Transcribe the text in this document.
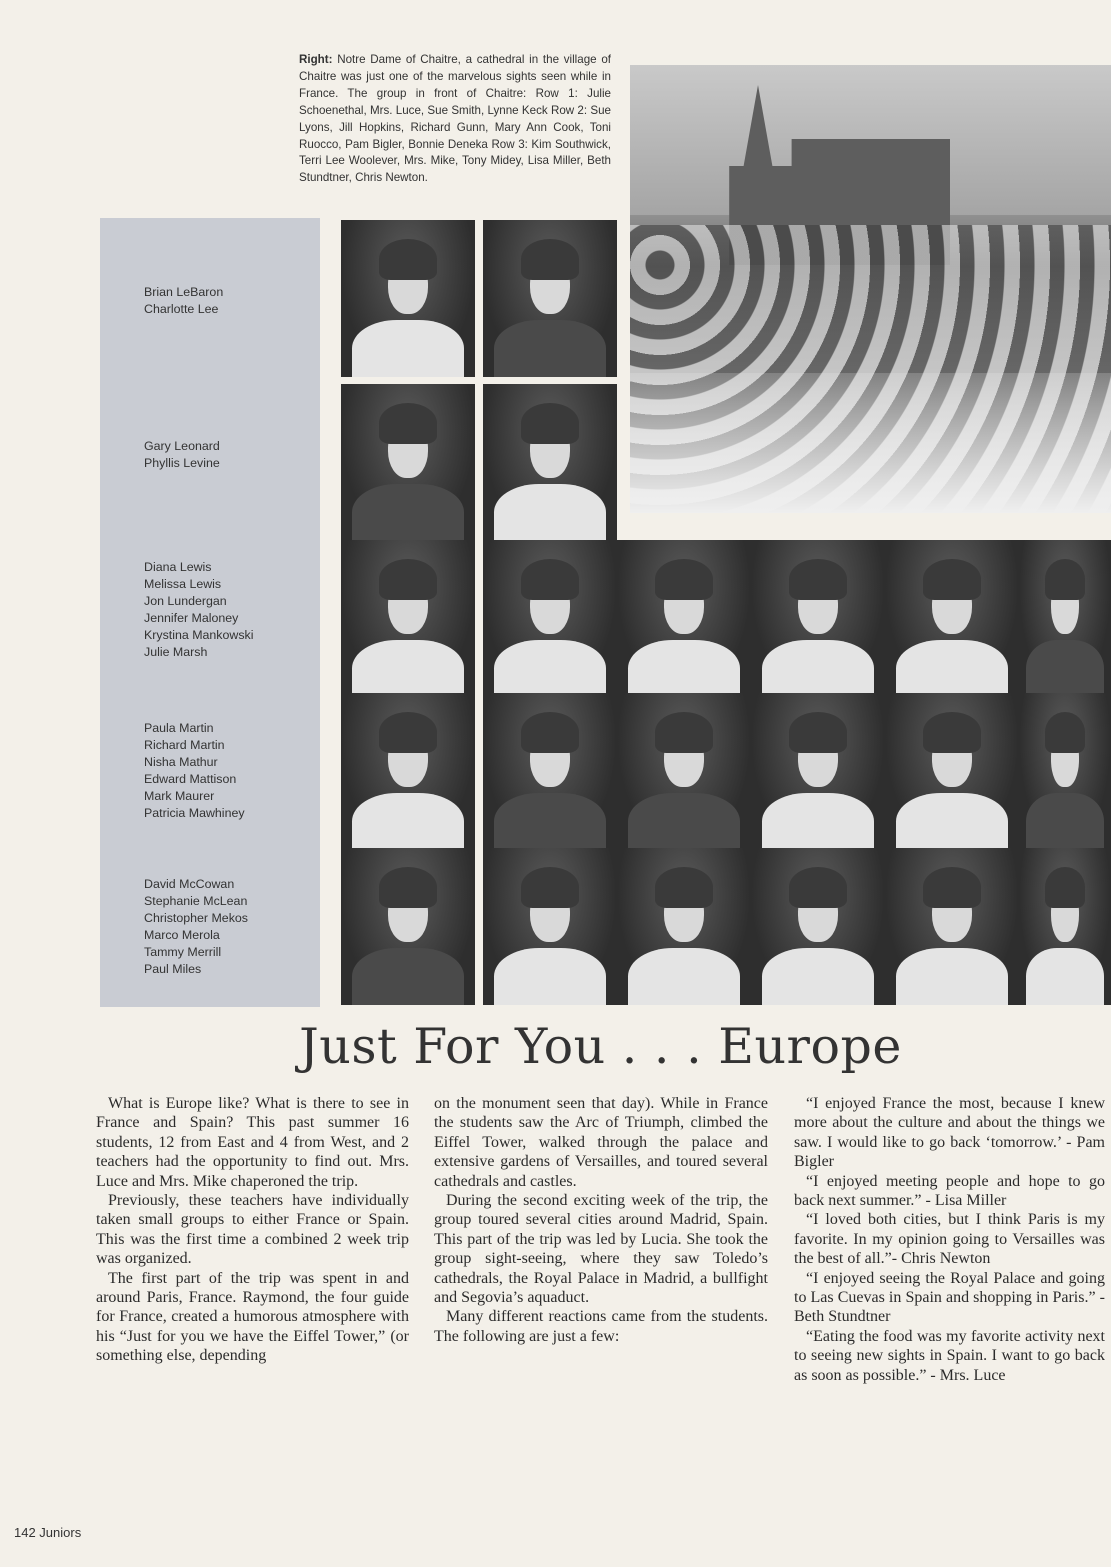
Right: Notre Dame of Chaitre, a cathedral in the village of Chaitre was just one of the marvelous sights seen while in France. The group in front of Chaitre: Row 1: Julie Schoenethal, Mrs. Luce, Sue Smith, Lynne Keck Row 2: Sue Lyons, Jill Hopkins, Richard Gunn, Mary Ann Cook, Toni Ruocco, Pam Bigler, Bonnie Deneka Row 3: Kim Southwick, Terri Lee Woolever, Mrs. Mike, Tony Midey, Lisa Miller, Beth Stundtner, Chris Newton.
Brian LeBaron
Charlotte Lee
Gary Leonard
Phyllis Levine
Diana Lewis
Melissa Lewis
Jon Lundergan
Jennifer Maloney
Krystina Mankowski
Julie Marsh
Paula Martin
Richard Martin
Nisha Mathur
Edward Mattison
Mark Maurer
Patricia Mawhiney
David McCowan
Stephanie McLean
Christopher Mekos
Marco Merola
Tammy Merrill
Paul Miles
Just For You . . . Europe

What is Europe like? What is there to see in France and Spain? This past summer 16 students, 12 from East and 4 from West, and 2 teachers had the opportunity to find out. Mrs. Luce and Mrs. Mike chaperoned the trip.

Previously, these teachers have individually taken small groups to either France or Spain. This was the first time a combined 2 week trip was organized.

The first part of the trip was spent in and around Paris, France. Raymond, the four guide for France, created a humorous atmosphere with his “Just for you we have the Eiffel Tower,” (or something else, depending

on the monument seen that day). While in France the students saw the Arc of Triumph, climbed the Eiffel Tower, walked through the palace and extensive gardens of Versailles, and toured several cathedrals and castles.

During the second exciting week of the trip, the group toured several cities around Madrid, Spain. This part of the trip was led by Lucia. She took the group sight-seeing, where they saw Toledo’s cathedrals, the Royal Palace in Madrid, a bullfight and Segovia’s aquaduct.

Many different reactions came from the students. The following are just a few:

“I enjoyed France the most, because I knew more about the culture and about the things we saw. I would like to go back ‘tomorrow.’ - Pam Bigler

“I enjoyed meeting people and hope to go back next summer.” - Lisa Miller

“I loved both cities, but I think Paris is my favorite. In my opinion going to Versailles was the best of all.”- Chris Newton

“I enjoyed seeing the Royal Palace and going to Las Cuevas in Spain and shopping in Paris.” - Beth Stundtner

“Eating the food was my favorite activity next to seeing new sights in Spain. I want to go back as soon as possible.” - Mrs. Luce

142 Juniors
